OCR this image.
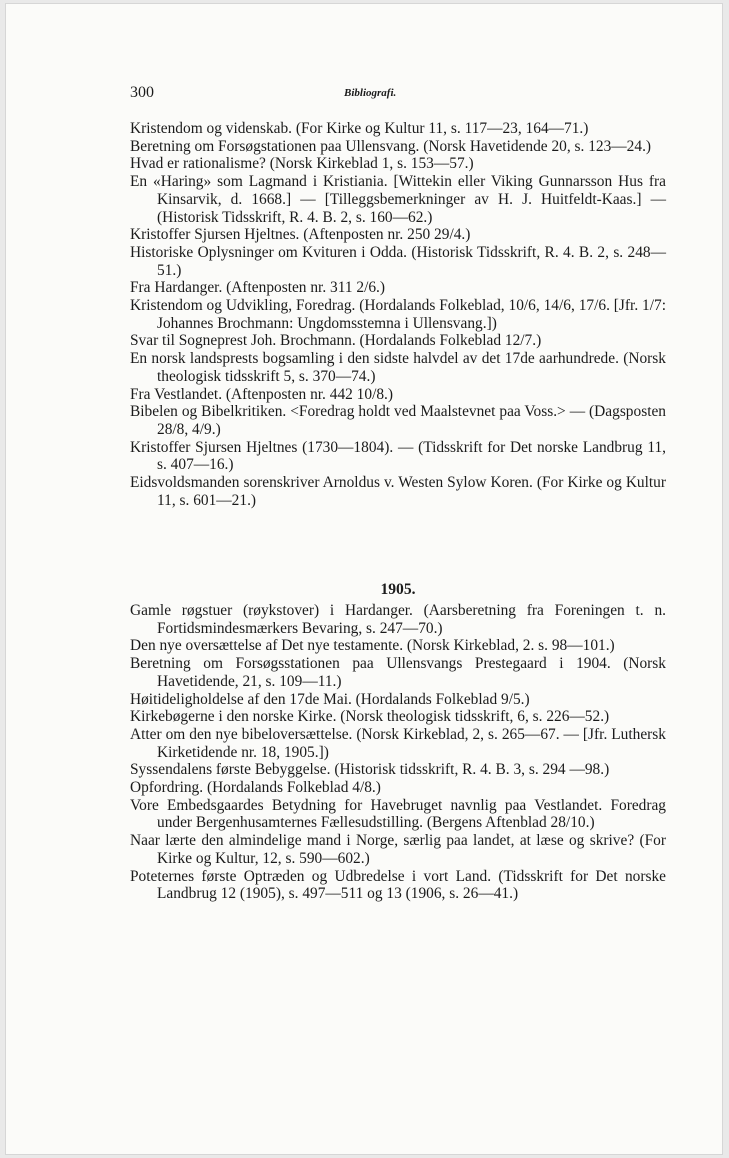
300	Bibliografi.
Kristendom og videnskab. (For Kirke og Kultur 11, s. 117—23, 164—71.)
Beretning om Forsøgstationen paa Ullensvang. (Norsk Havetidende 20, s. 123—24.)
Hvad er rationalisme? (Norsk Kirkeblad 1, s. 153—57.)
En «Haring» som Lagmand i Kristiania. [Wittekin eller Viking Gunnarsson Hus fra Kinsarvik, d. 1668.] — [Tilleggsbemerkninger av H. J. Huitfeldt-Kaas.] — (Historisk Tidsskrift, R. 4. B. 2, s. 160—62.)
Kristoffer Sjursen Hjeltnes. (Aftenposten nr. 250 29/4.)
Historiske Oplysninger om Kvituren i Odda. (Historisk Tidsskrift, R. 4. B. 2, s. 248—51.)
Fra Hardanger. (Aftenposten nr. 311 2/6.)
Kristendom og Udvikling, Foredrag. (Hordalands Folkeblad, 10/6, 14/6, 17/6. [Jfr. 1/7: Johannes Brochmann: Ungdomsstemna i Ullensvang.])
Svar til Sogneprest Joh. Brochmann. (Hordalands Folkeblad 12/7.)
En norsk landsprests bogsamling i den sidste halvdel av det 17de aarhundrede. (Norsk theologisk tidsskrift 5, s. 370—74.)
Fra Vestlandet. (Aftenposten nr. 442 10/8.)
Bibelen og Bibelkritiken. <Foredrag holdt ved Maalstevnet paa Voss.> — (Dagsposten 28/8, 4/9.)
Kristoffer Sjursen Hjeltnes (1730—1804). — (Tidsskrift for Det norske Landbrug 11, s. 407—16.)
Eidsvoldsmanden sorenskriver Arnoldus v. Westen Sylow Koren. (For Kirke og Kultur 11, s. 601—21.)
1905.
Gamle røgstuer (røykstover) i Hardanger. (Aarsberetning fra Foreningen t. n. Fortidsmindesmærkers Bevaring, s. 247—70.)
Den nye oversættelse af Det nye testamente. (Norsk Kirkeblad, 2. s. 98—101.)
Beretning om Forsøgsstationen paa Ullensvangs Prestegaard i 1904. (Norsk Havetidende, 21, s. 109—11.)
Høitideligholdelse af den 17de Mai. (Hordalands Folkeblad 9/5.)
Kirkebøgerne i den norske Kirke. (Norsk theologisk tidsskrift, 6, s. 226—52.)
Atter om den nye bibeloversættelse. (Norsk Kirkeblad, 2, s. 265—67. — [Jfr. Luthersk Kirketidende nr. 18, 1905.])
Syssendalens første Bebyggelse. (Historisk tidsskrift, R. 4. B. 3, s. 294 —98.)
Opfordring. (Hordalands Folkeblad 4/8.)
Vore Embedsgaardes Betydning for Havebruget navnlig paa Vestlandet. Foredrag under Bergenhusamternes Fællesudstilling. (Bergens Aftenblad 28/10.)
Naar lærte den almindelige mand i Norge, særlig paa landet, at læse og skrive? (For Kirke og Kultur, 12, s. 590—602.)
Poteternes første Optræden og Udbredelse i vort Land. (Tidsskrift for Det norske Landbrug 12 (1905), s. 497—511 og 13 (1906, s. 26—41.)
